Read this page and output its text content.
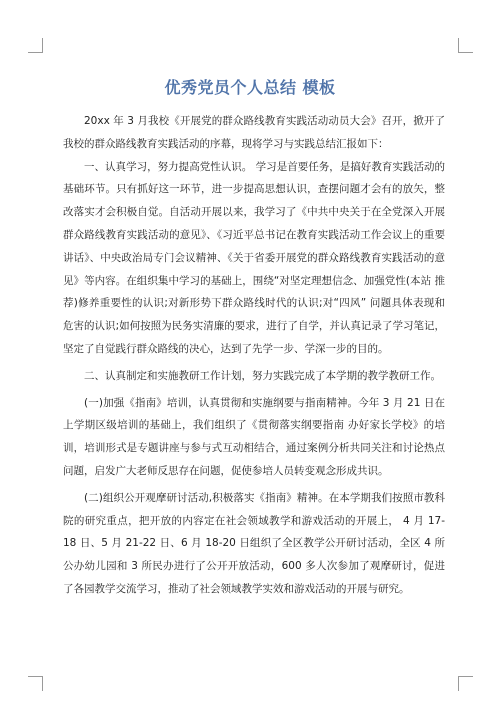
优秀党员个人总结 模板

20xx 年 3 月我校《开展党的群众路线教育实践活动动员大会》召开，掀开了我校的群众路线教育实践活动的序幕，现将学习与实践总结汇报如下：

一、认真学习，努力提高党性认识。 学习是首要任务，是搞好教育实践活动的基础环节。只有抓好这一环节，进一步提高思想认识，查摆问题才会有的放矢，整改落实才会积极自觉。自活动开展以来，我学习了《中共中央关于在全党深入开展群众路线教育实践活动的意见》、《习近平总书记在教育实践活动工作会议上的重要讲话》、中央政治局专门会议精神、《关于省委开展党的群众路线教育实践活动的意见》等内容。在组织集中学习的基础上，围绕“对坚定理想信念、加强党性(本站 推荐)修养重要性的认识;对新形势下群众路线时代的认识;对“四风” 问题具体表现和危害的认识;如何按照为民务实清廉的要求，进行了自学，并认真记录了学习笔记，坚定了自觉践行群众路线的决心，达到了先学一步、学深一步的目的。

二、认真制定和实施教研工作计划，努力实践完成了本学期的教学教研工作。

(一)加强《指南》培训，认真贯彻和实施纲要与指南精神。今年 3 月 21 日在上学期区级培训的基础上，我们组织了《贯彻落实纲要指南 办好家长学校》的培训，培训形式是专题讲座与参与式互动相结合，通过案例分析共同关注和讨论热点问题，启发广大老师反思存在问题，促使参培人员转变观念形成共识。

(二)组织公开观摩研讨活动,积极落实《指南》精神。在本学期我们按照市教科院的研究重点，把开放的内容定在社会领域教学和游戏活动的开展上， 4 月 17-18 日、5 月 21-22 日、6 月 18-20 日组织了全区教学公开研讨活动，全区 4 所公办幼儿园和 3 所民办进行了公开开放活动，600 多人次参加了观摩研讨，促进了各园教学交流学习，推动了社会领域教学实效和游戏活动的开展与研究。
